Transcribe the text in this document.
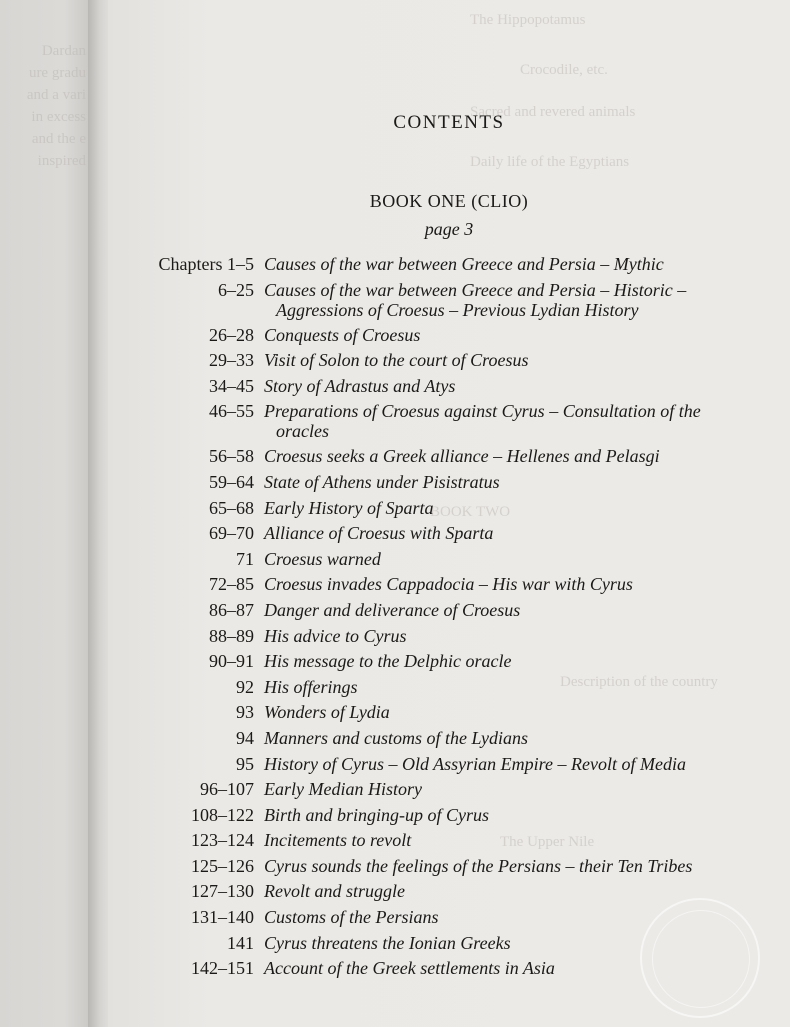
Dardan
ure gradu
and a vari
in excess
and the e
inspired
The Hippopotamus
Crocodile, etc.
Sacred and revered animals
Daily life of the Egyptians
BOOK TWO
Description of the country
The Upper Nile
CONTENTS
BOOK ONE (CLIO)
page 3
Chapters 1–5 Causes of the war between Greece and Persia – Mythic
6–25 Causes of the war between Greece and Persia – Historic –
Aggressions of Croesus – Previous Lydian History
26–28 Conquests of Croesus
29–33 Visit of Solon to the court of Croesus
34–45 Story of Adrastus and Atys
46–55 Preparations of Croesus against Cyrus – Consultation of the
oracles
56–58 Croesus seeks a Greek alliance – Hellenes and Pelasgi
59–64 State of Athens under Pisistratus
65–68 Early History of Sparta
69–70 Alliance of Croesus with Sparta
71 Croesus warned
72–85 Croesus invades Cappadocia – His war with Cyrus
86–87 Danger and deliverance of Croesus
88–89 His advice to Cyrus
90–91 His message to the Delphic oracle
92 His offerings
93 Wonders of Lydia
94 Manners and customs of the Lydians
95 History of Cyrus – Old Assyrian Empire – Revolt of Media
96–107 Early Median History
108–122 Birth and bringing-up of Cyrus
123–124 Incitements to revolt
125–126 Cyrus sounds the feelings of the Persians – their Ten Tribes
127–130 Revolt and struggle
131–140 Customs of the Persians
141 Cyrus threatens the Ionian Greeks
142–151 Account of the Greek settlements in Asia
